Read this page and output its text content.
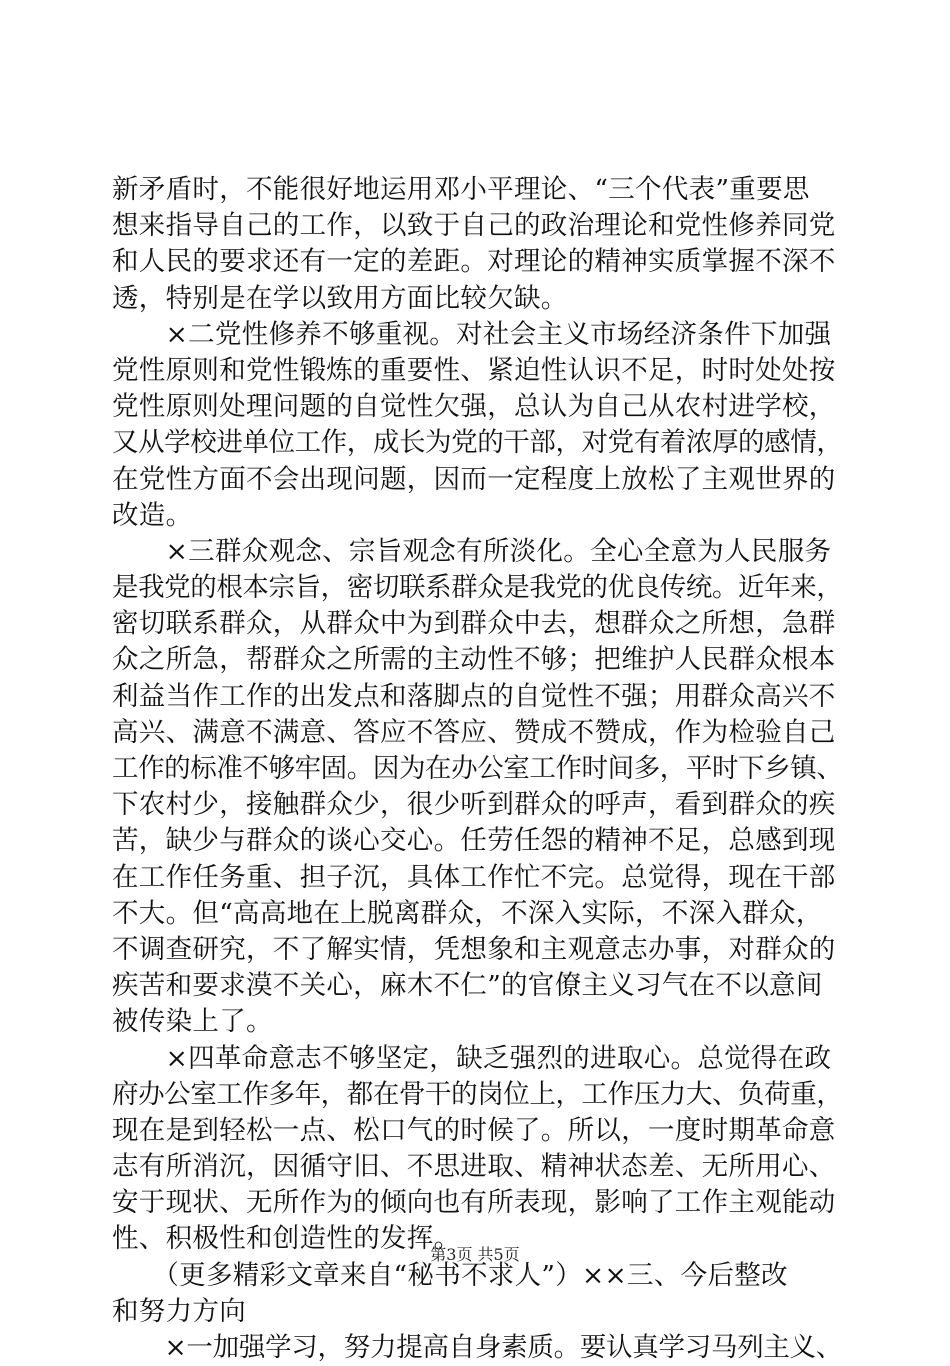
新矛盾时，不能很好地运用邓小平理论、“三个代表”重要思
想来指导自己的工作，以致于自己的政治理论和党性修养同党
和人民的要求还有一定的差距。对理论的精神实质掌握不深不
透，特别是在学以致用方面比较欠缺。
　　×二党性修养不够重视。对社会主义市场经济条件下加强
党性原则和党性锻炼的重要性、紧迫性认识不足，时时处处按
党性原则处理问题的自觉性欠强，总认为自己从农村进学校，
又从学校进单位工作，成长为党的干部，对党有着浓厚的感情，
在党性方面不会出现问题，因而一定程度上放松了主观世界的
改造。
　　×三群众观念、宗旨观念有所淡化。全心全意为人民服务
是我党的根本宗旨，密切联系群众是我党的优良传统。近年来，
密切联系群众，从群众中为到群众中去，想群众之所想，急群
众之所急，帮群众之所需的主动性不够；把维护人民群众根本
利益当作工作的出发点和落脚点的自觉性不强；用群众高兴不
高兴、满意不满意、答应不答应、赞成不赞成，作为检验自己
工作的标准不够牢固。因为在办公室工作时间多，平时下乡镇、
下农村少，接触群众少，很少听到群众的呼声，看到群众的疾
苦，缺少与群众的谈心交心。任劳任怨的精神不足，总感到现
在工作任务重、担子沉，具体工作忙不完。总觉得，现在干部
不大。但“高高地在上脱离群众，不深入实际，不深入群众，
不调查研究，不了解实情，凭想象和主观意志办事，对群众的
疾苦和要求漠不关心，麻木不仁”的官僚主义习气在不以意间
被传染上了。
　　×四革命意志不够坚定，缺乏强烈的进取心。总觉得在政
府办公室工作多年，都在骨干的岗位上，工作压力大、负荷重，
现在是到轻松一点、松口气的时候了。所以，一度时期革命意
志有所消沉，因循守旧、不思进取、精神状态差、无所用心、
安于现状、无所作为的倾向也有所表现，影响了工作主观能动
性、积极性和创造性的发挥。
　　（更多精彩文章来自“秘书不求人”）××三、今后整改
和努力方向
　　×一加强学习，努力提高自身素质。要认真学习马列主义、
第3页 共5页
